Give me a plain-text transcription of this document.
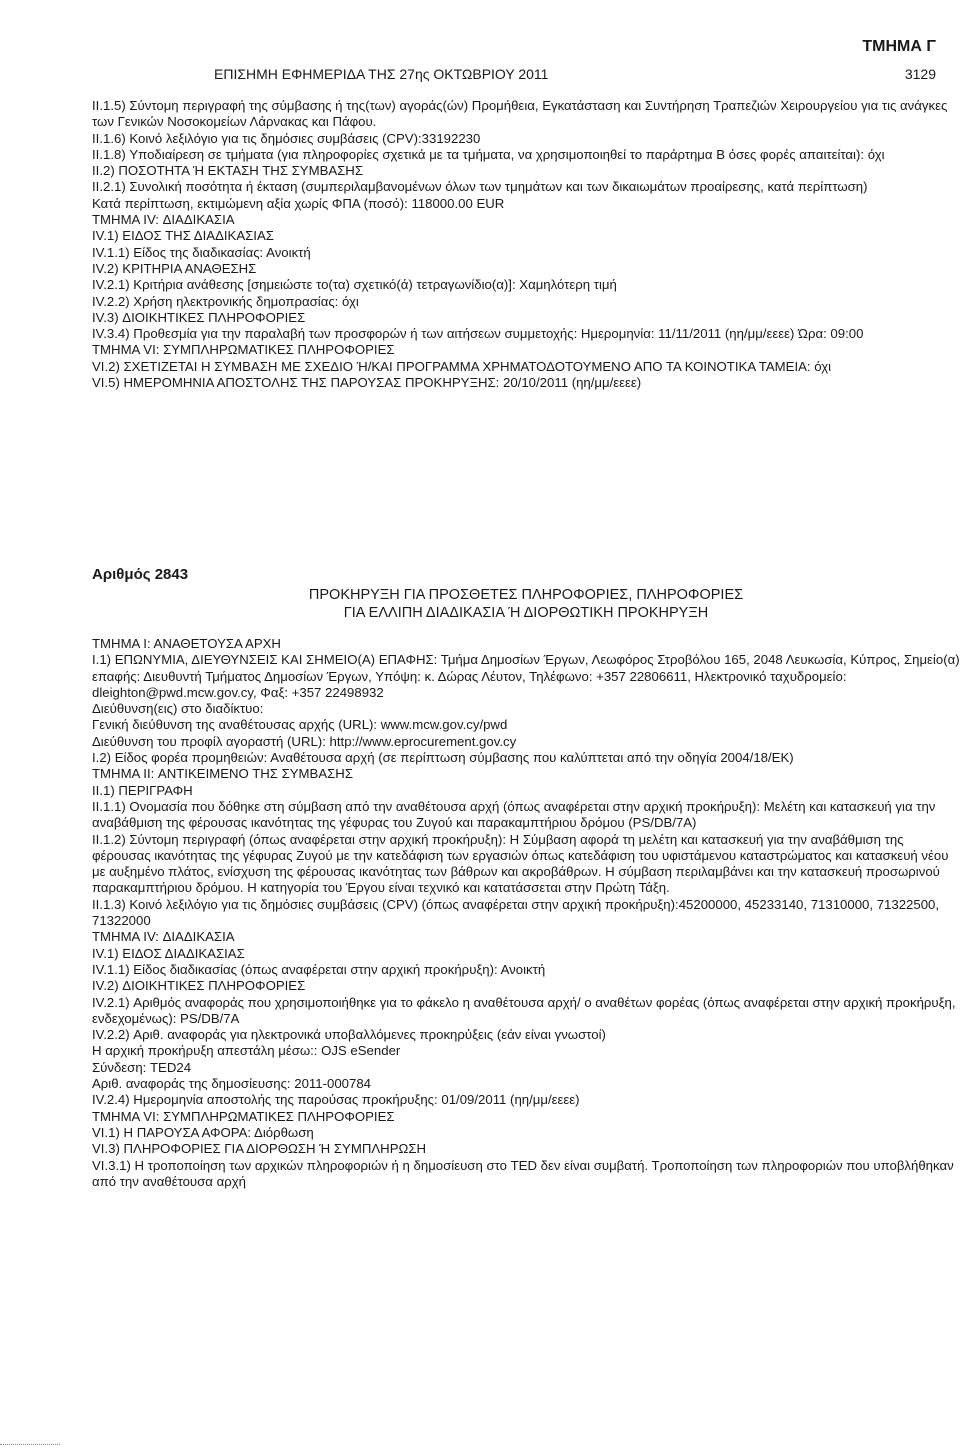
ΤΜΗΜΑ Γ
ΕΠΙΣΗΜΗ ΕΦΗΜΕΡΙΔΑ ΤΗΣ 27ης ΟΚΤΩΒΡΙΟΥ 2011	3129

II.1.5) Σύντομη περιγραφή της σύμβασης ή της(των) αγοράς(ών) Προμήθεια, Εγκατάσταση και Συντήρηση Τραπεζιών Χειρουργείου για τις ανάγκες των Γενικών Νοσοκομείων Λάρνακας και Πάφου.

II.1.6) Κοινό λεξιλόγιο για τις δημόσιες συμβάσεις (CPV):33192230

II.1.8) Υποδιαίρεση σε τμήματα (για πληροφορίες σχετικά με τα τμήματα, να χρησιμοποιηθεί το παράρτημα Β όσες φορές απαιτείται): όχι

II.2) ΠΟΣΟΤΗΤΑ Ή ΕΚΤΑΣΗ ΤΗΣ ΣΥΜΒΑΣΗΣ

II.2.1) Συνολική ποσότητα ή έκταση (συμπεριλαμβανομένων όλων των τμημάτων και των δικαιωμάτων προαίρεσης, κατά περίπτωση)

Κατά περίπτωση, εκτιμώμενη αξία χωρίς ΦΠΑ (ποσό): 118000.00 EUR

ΤΜΗΜΑ IV: ΔΙΑΔΙΚΑΣΙΑ

IV.1) ΕΙΔΟΣ ΤΗΣ ΔΙΑΔΙΚΑΣΙΑΣ

IV.1.1) Είδος της διαδικασίας: Ανοικτή

IV.2) ΚΡΙΤΗΡΙΑ ΑΝΑΘΕΣΗΣ

IV.2.1) Κριτήρια ανάθεσης [σημειώστε το(τα) σχετικό(ά) τετραγωνίδιο(α)]: Χαμηλότερη τιμή

IV.2.2) Χρήση ηλεκτρονικής δημοπρασίας: όχι

IV.3) ΔΙΟΙΚΗΤΙΚΕΣ ΠΛΗΡΟΦΟΡΙΕΣ

IV.3.4) Προθεσμία για την παραλαβή των προσφορών ή των αιτήσεων συμμετοχής: Ημερομηνία: 11/11/2011 (ηη/μμ/εεεε) Ώρα: 09:00

ΤΜΗΜΑ VI: ΣΥΜΠΛΗΡΩΜΑΤΙΚΕΣ ΠΛΗΡΟΦΟΡΙΕΣ

VI.2) ΣΧΕΤΙΖΕΤΑΙ Η ΣΥΜΒΑΣΗ ΜΕ ΣΧΕΔΙΟ Ή/ΚΑΙ ΠΡΟΓΡΑΜΜΑ ΧΡΗΜΑΤΟΔΟΤΟΥΜΕΝΟ ΑΠΟ ΤΑ ΚΟΙΝΟΤΙΚΑ ΤΑΜΕΙΑ: όχι

VI.5) ΗΜΕΡΟΜΗΝΙΑ ΑΠΟΣΤΟΛΗΣ ΤΗΣ ΠΑΡΟΥΣΑΣ ΠΡΟΚΗΡΥΞΗΣ: 20/10/2011 (ηη/μμ/εεεε)

Αριθμός 2843
ΠΡΟΚΗΡΥΞΗ ΓΙΑ ΠΡΟΣΘΕΤΕΣ ΠΛΗΡΟΦΟΡΙΕΣ, ΠΛΗΡΟΦΟΡΙΕΣ
ΓΙΑ ΕΛΛΙΠΗ ΔΙΑΔΙΚΑΣΙΑ Ή ΔΙΟΡΘΩΤΙΚΗ ΠΡΟΚΗΡΥΞΗ

ΤΜΗΜΑ Ι: ΑΝΑΘΕΤΟΥΣΑ ΑΡΧΗ

I.1) ΕΠΩΝΥΜΙΑ, ΔΙΕΥΘΥΝΣΕΙΣ ΚΑΙ ΣΗΜΕΙΟ(Α) ΕΠΑΦΗΣ: Τμήμα Δημοσίων Έργων, Λεωφόρος Στροβόλου 165, 2048 Λευκωσία, Κύπρος, Σημείο(α) επαφής: Διευθυντή Τμήματος Δημοσίων Έργων, Υπόψη: κ. Δώρας Λέυτον, Τηλέφωνο: +357 22806611, Ηλεκτρονικό ταχυδρομείο: dleighton@pwd.mcw.gov.cy, Φαξ: +357 22498932

Διεύθυνση(εις) στο διαδίκτυο:

Γενική διεύθυνση της αναθέτουσας αρχής (URL): www.mcw.gov.cy/pwd

Διεύθυνση του προφίλ αγοραστή (URL): http://www.eprocurement.gov.cy

I.2) Είδος φορέα προμηθειών: Αναθέτουσα αρχή (σε περίπτωση σύμβασης που καλύπτεται από την οδηγία 2004/18/ΕΚ)

ΤΜΗΜΑ II: ΑΝΤΙΚΕΙΜΕΝΟ ΤΗΣ ΣΥΜΒΑΣΗΣ

II.1) ΠΕΡΙΓΡΑΦΗ

II.1.1) Ονομασία που δόθηκε στη σύμβαση από την αναθέτουσα αρχή (όπως αναφέρεται στην αρχική προκήρυξη): Μελέτη και κατασκευή για την αναβάθμιση της φέρουσας ικανότητας της γέφυρας του Ζυγού και παρακαμπτήριου δρόμου (PS/DB/7A)

II.1.2) Σύντομη περιγραφή (όπως αναφέρεται στην αρχική προκήρυξη): Η Σύμβαση αφορά τη μελέτη και κατασκευή για την αναβάθμιση της φέρουσας ικανότητας της γέφυρας Ζυγού με την κατεδάφιση των εργασιών όπως κατεδάφιση του υφιστάμενου καταστρώματος και κατασκευή νέου με αυξημένο πλάτος, ενίσχυση της φέρουσας ικανότητας των βάθρων και ακροβάθρων. Η σύμβαση περιλαμβάνει και την κατασκευή προσωρινού παρακαμπτήριου δρόμου. Η κατηγορία του Έργου είναι τεχνικό και κατατάσσεται στην Πρώτη Τάξη.

II.1.3) Κοινό λεξιλόγιο για τις δημόσιες συμβάσεις (CPV) (όπως αναφέρεται στην αρχική προκήρυξη):45200000, 45233140, 71310000, 71322500, 71322000

ΤΜΗΜΑ IV: ΔΙΑΔΙΚΑΣΙΑ

IV.1) ΕΙΔΟΣ ΔΙΑΔΙΚΑΣΙΑΣ

IV.1.1) Είδος διαδικασίας (όπως αναφέρεται στην αρχική προκήρυξη): Ανοικτή

IV.2) ΔΙΟΙΚΗΤΙΚΕΣ ΠΛΗΡΟΦΟΡΙΕΣ

IV.2.1) Αριθμός αναφοράς που χρησιμοποιήθηκε για το φάκελο η αναθέτουσα αρχή/ ο αναθέτων φορέας (όπως αναφέρεται στην αρχική προκήρυξη, ενδεχομένως): PS/DB/7A

IV.2.2) Αριθ. αναφοράς για ηλεκτρονικά υποβαλλόμενες προκηρύξεις (εάν είναι γνωστοί)

Η αρχική προκήρυξη απεστάλη μέσω:: OJS eSender

Σύνδεση: TED24

Αριθ. αναφοράς της δημοσίευσης: 2011-000784

IV.2.4) Ημερομηνία αποστολής της παρούσας προκήρυξης: 01/09/2011 (ηη/μμ/εεεε)

ΤΜΗΜΑ VI: ΣΥΜΠΛΗΡΩΜΑΤΙΚΕΣ ΠΛΗΡΟΦΟΡΙΕΣ

VI.1) Η ΠΑΡΟΥΣΑ ΑΦΟΡΑ: Διόρθωση

VI.3) ΠΛΗΡΟΦΟΡΙΕΣ ΓΙΑ ΔΙΟΡΘΩΣΗ Ή ΣΥΜΠΛΗΡΩΣΗ

VI.3.1) Η τροποποίηση των αρχικών πληροφοριών ή η δημοσίευση στο TED δεν είναι συμβατή. Τροποποίηση των πληροφοριών που υποβλήθηκαν από την αναθέτουσα αρχή
